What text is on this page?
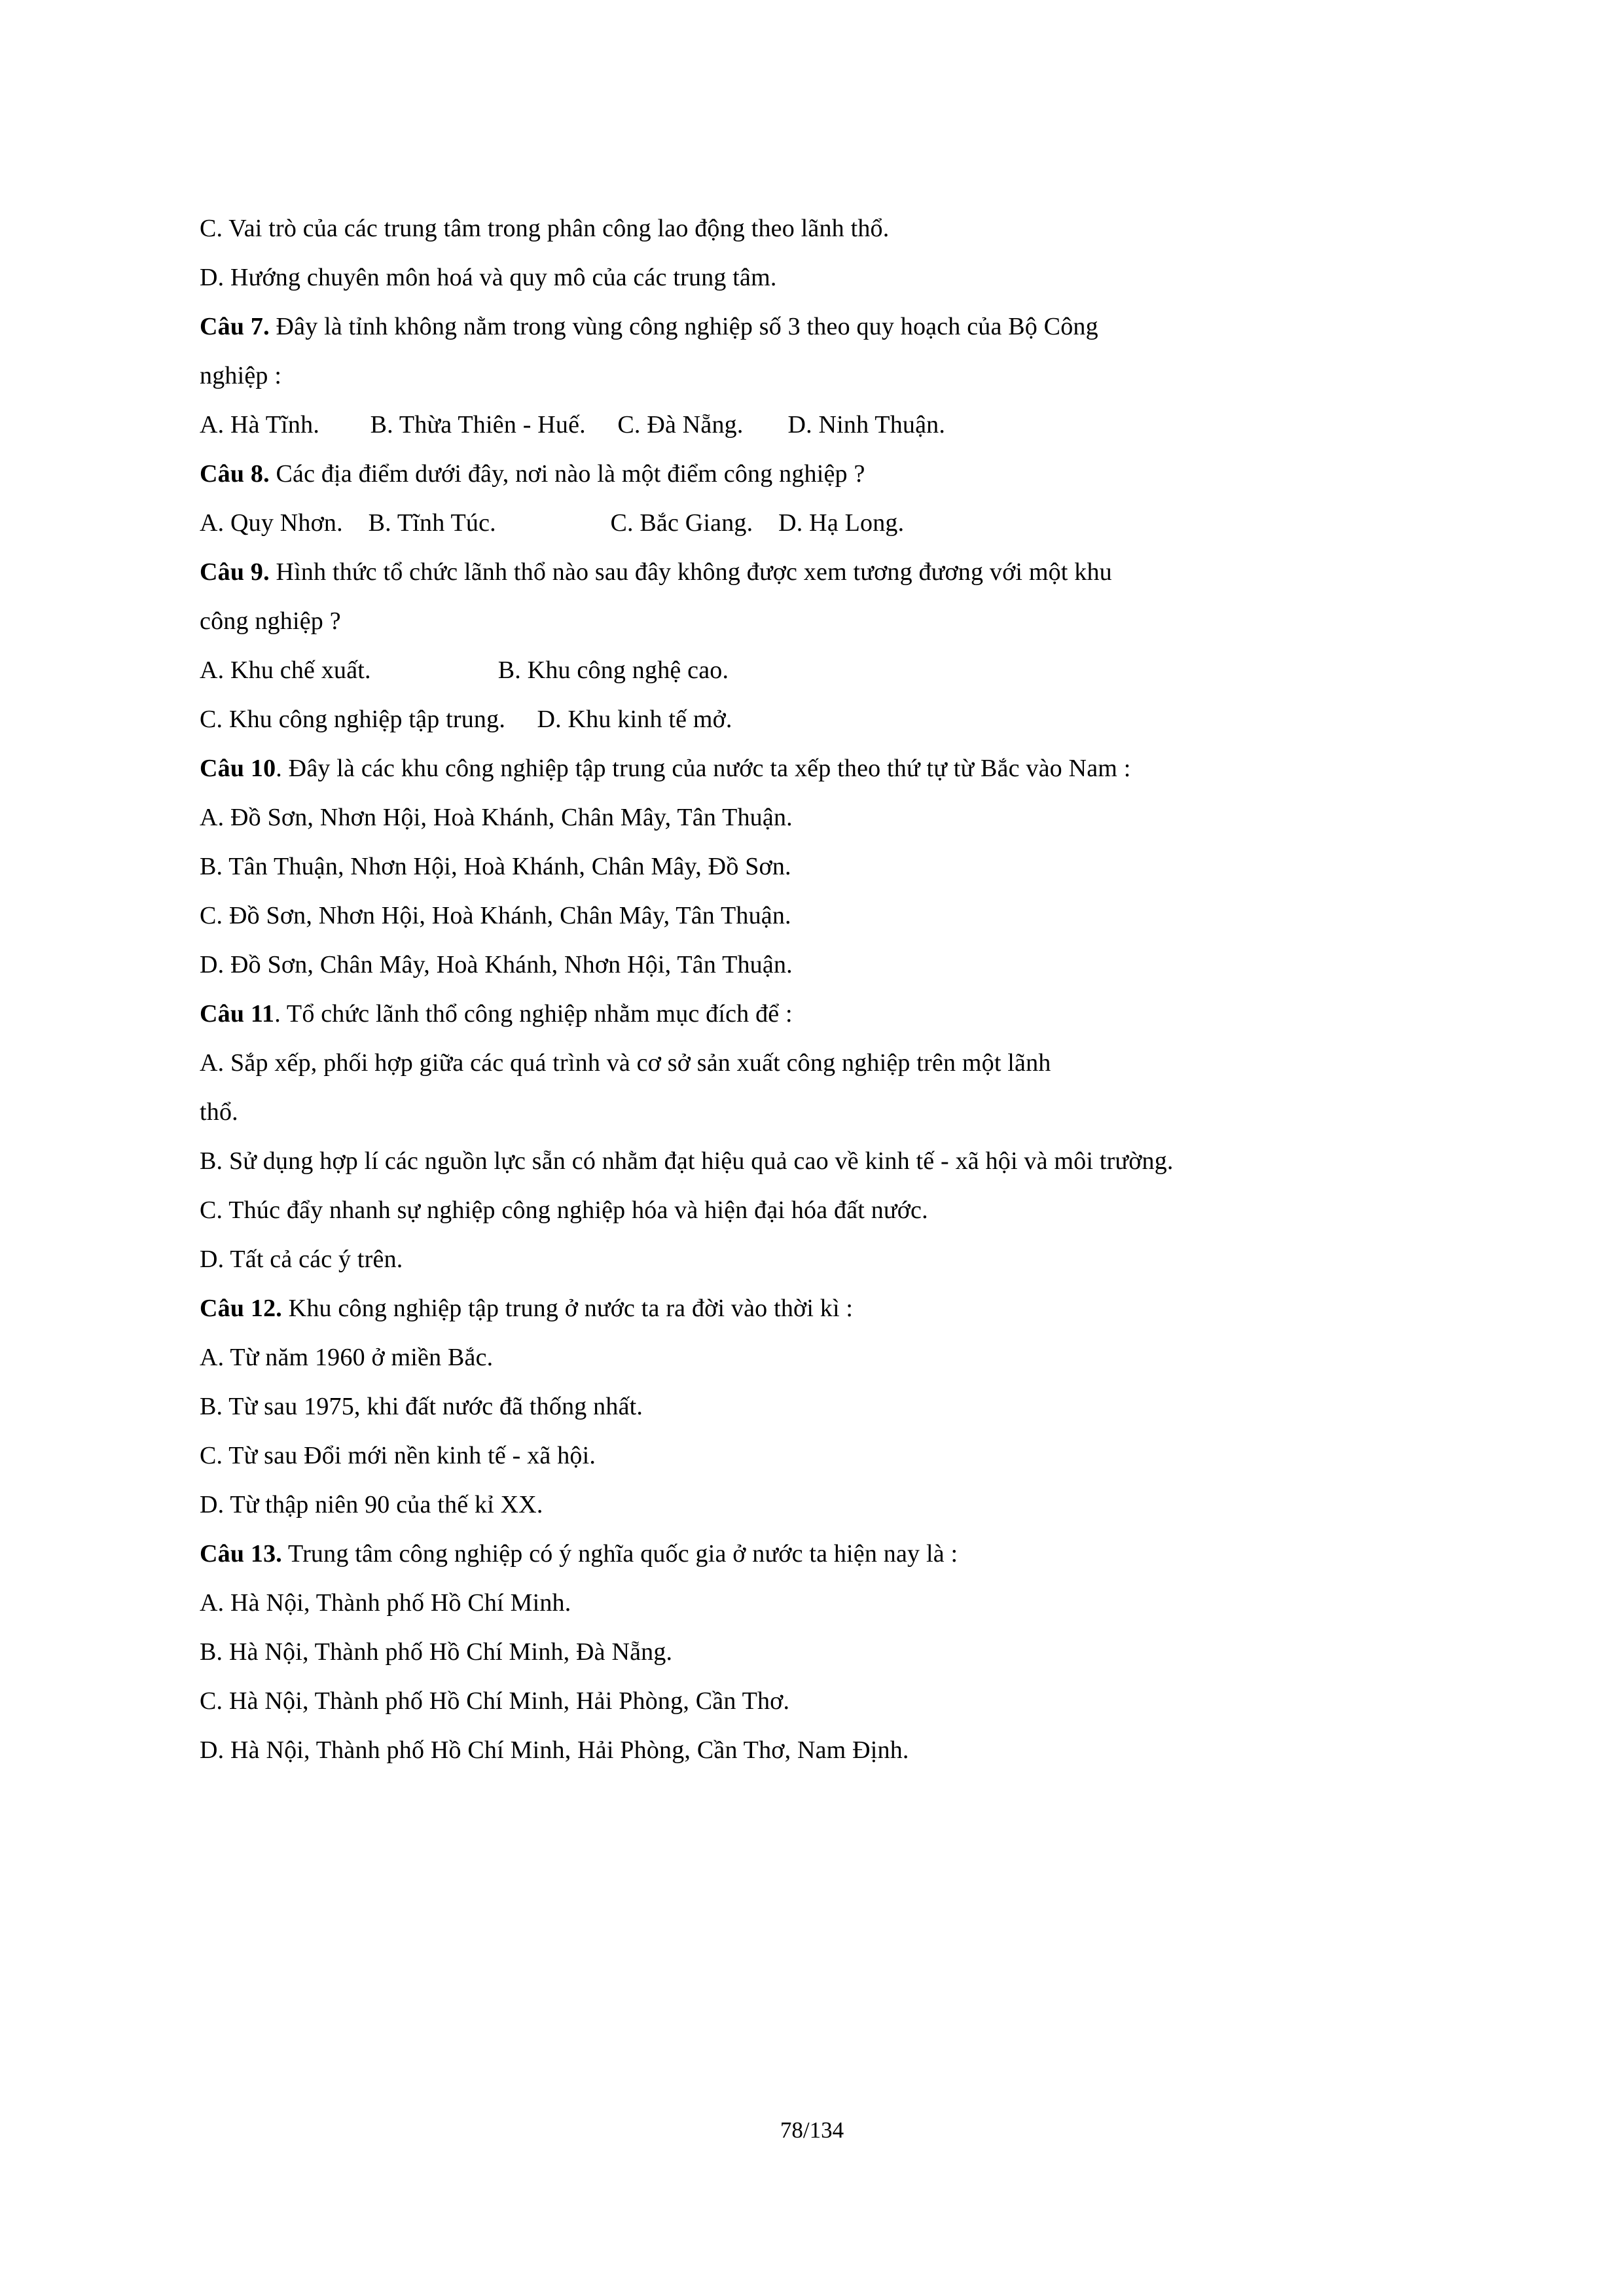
C. Vai trò của các trung tâm trong phân công lao động theo lãnh thổ.

D. Hướng chuyên môn hoá và quy mô của các trung tâm.

Câu 7. Đây là tỉnh không nằm trong vùng công nghiệp số 3 theo quy hoạch của Bộ Công

nghiệp :

A. Hà Tĩnh.        B. Thừa Thiên - Huế.     C. Đà Nẵng.       D. Ninh Thuận.

Câu 8. Các địa điểm dưới đây, nơi nào là một điểm công nghiệp ?

A. Quy Nhơn.    B. Tĩnh Túc.                  C. Bắc Giang.    D. Hạ Long.

Câu 9. Hình thức tổ chức lãnh thổ nào sau đây không được xem tương đương với một khu

công nghiệp ?

A. Khu chế xuất.                    B. Khu công nghệ cao.

C. Khu công nghiệp tập trung.     D. Khu kinh tế mở.

Câu 10. Đây là các khu công nghiệp tập trung của nước ta xếp theo thứ tự từ Bắc vào Nam :

A. Đồ Sơn, Nhơn Hội, Hoà Khánh, Chân Mây, Tân Thuận.

B. Tân Thuận, Nhơn Hội, Hoà Khánh, Chân Mây, Đồ Sơn.

C. Đồ Sơn, Nhơn Hội, Hoà Khánh, Chân Mây, Tân Thuận.

D. Đồ Sơn, Chân Mây, Hoà Khánh, Nhơn Hội, Tân Thuận.

Câu 11. Tổ chức lãnh thổ công nghiệp nhằm mục đích để :

A. Sắp xếp, phối hợp giữa các quá trình và cơ sở sản xuất công nghiệp trên một lãnh

thổ.

B. Sử dụng hợp lí các nguồn lực sẵn có nhằm đạt hiệu quả cao về kinh tế - xã hội và môi trường.

C. Thúc đẩy nhanh sự nghiệp công nghiệp hóa và hiện đại hóa đất nước.

D. Tất cả các ý trên.

Câu 12. Khu công nghiệp tập trung ở nước ta ra đời vào thời kì :

A. Từ năm 1960 ở miền Bắc.

B. Từ sau 1975, khi đất nước đã thống nhất.

C. Từ sau Đổi mới nền kinh tế - xã hội.

D. Từ thập niên 90 của thế kỉ XX.

Câu 13. Trung tâm công nghiệp có ý nghĩa quốc gia ở nước ta hiện nay là :

A. Hà Nội, Thành phố Hồ Chí Minh.

B. Hà Nội, Thành phố Hồ Chí Minh, Đà Nẵng.

C. Hà Nội, Thành phố Hồ Chí Minh, Hải Phòng, Cần Thơ.

D. Hà Nội, Thành phố Hồ Chí Minh, Hải Phòng, Cần Thơ, Nam Định.

78/134
